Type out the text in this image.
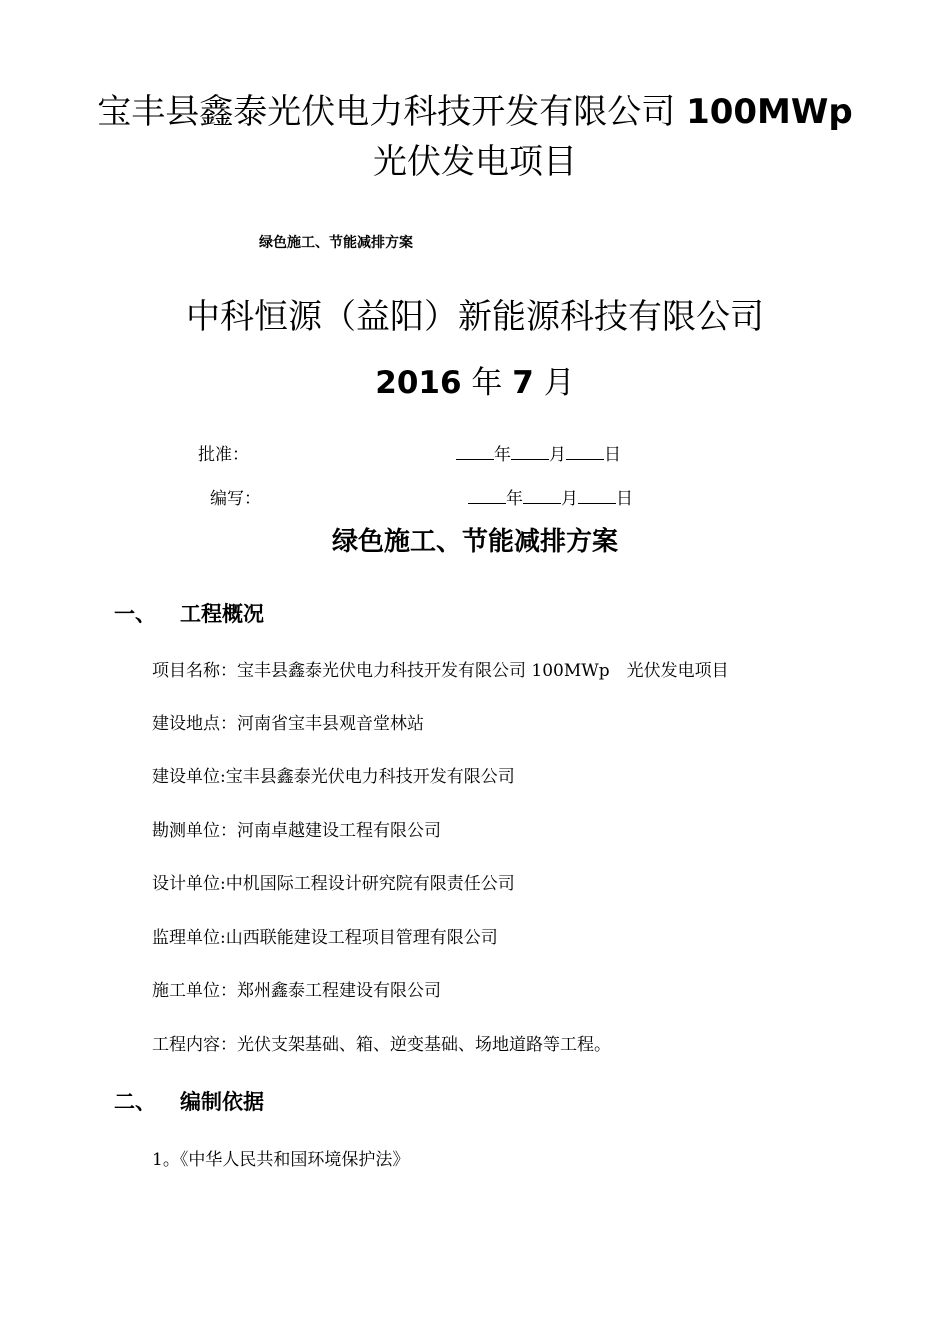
宝丰县鑫泰光伏电力科技开发有限公司 100MWp
光伏发电项目
绿色施工、节能减排方案
中科恒源（益阳）新能源科技有限公司
2016 年 7 月
批准：	年 月 日
编写：	年 月 日
绿色施工、节能减排方案
一、 工程概况
项目名称：宝丰县鑫泰光伏电力科技开发有限公司 100MWp　光伏发电项目
建设地点：河南省宝丰县观音堂林站
建设单位:宝丰县鑫泰光伏电力科技开发有限公司
勘测单位：河南卓越建设工程有限公司
设计单位:中机国际工程设计研究院有限责任公司
监理单位:山西联能建设工程项目管理有限公司
施工单位：郑州鑫泰工程建设有限公司
工程内容：光伏支架基础、箱、逆变基础、场地道路等工程。
二、 编制依据
1。《中华人民共和国环境保护法》
